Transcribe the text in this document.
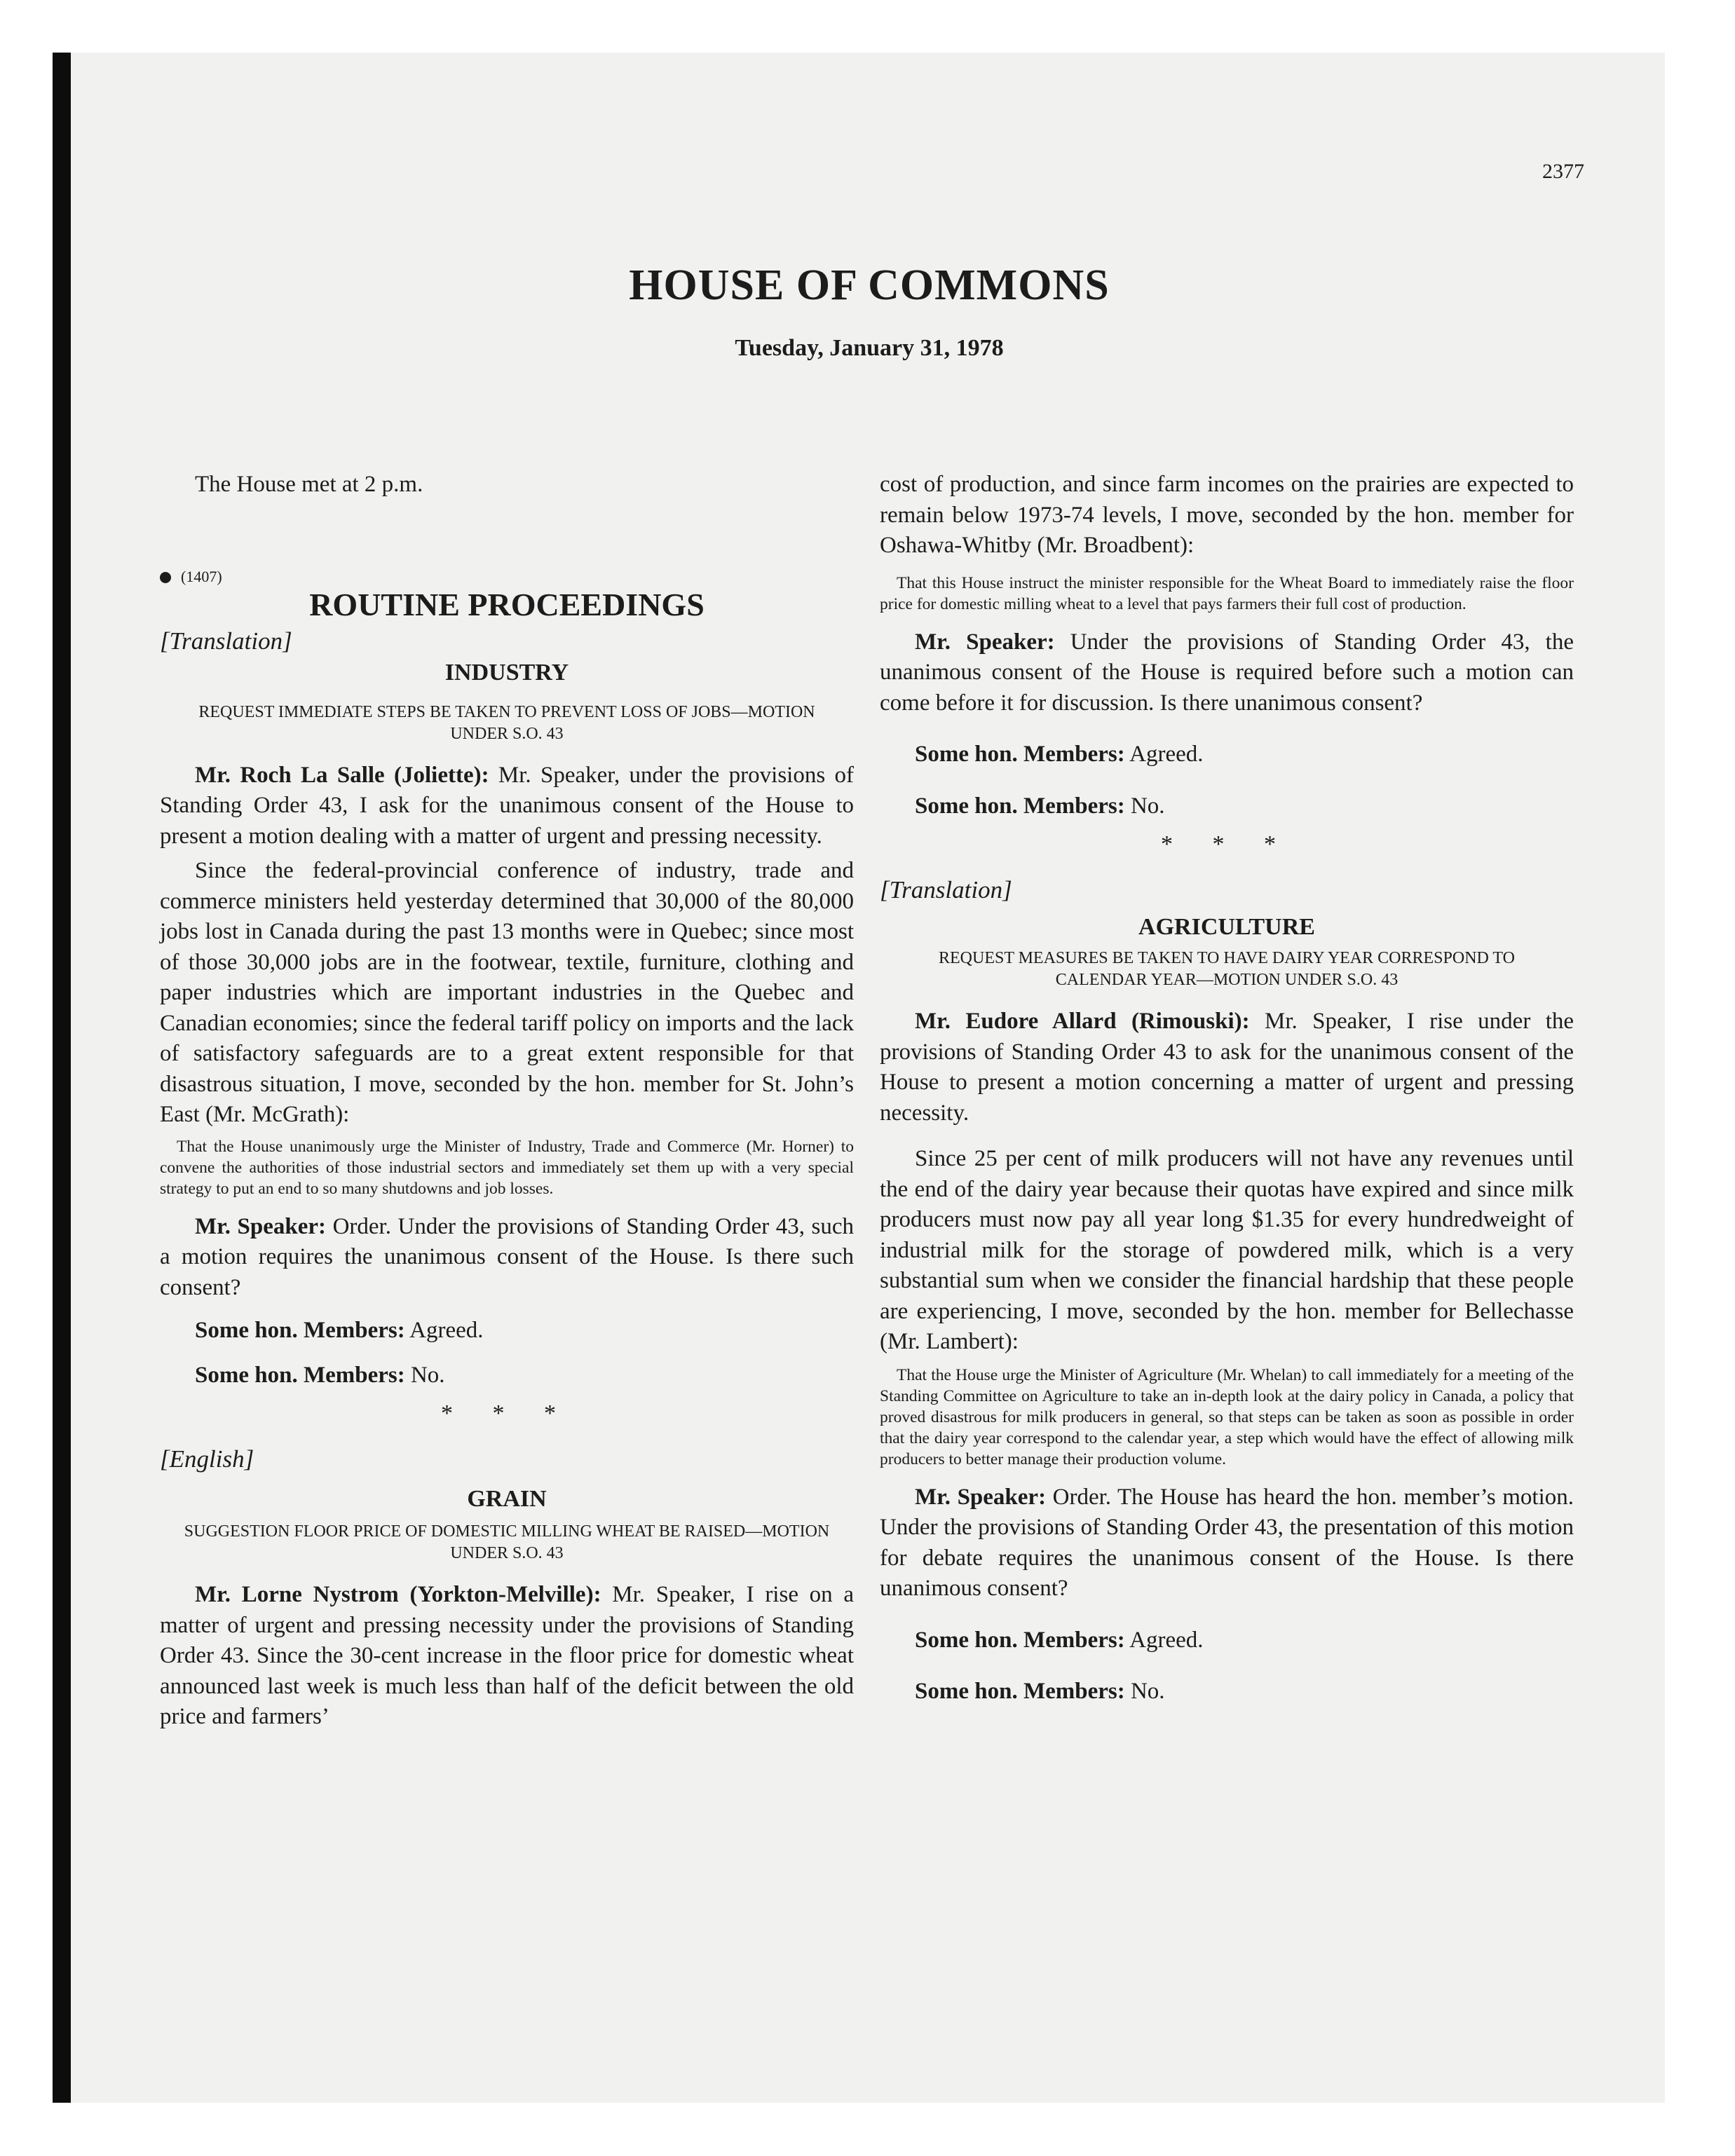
2377
HOUSE OF COMMONS
Tuesday, January 31, 1978

The House met at 2 p.m.

(1407)
ROUTINE PROCEEDINGS
[Translation]
INDUSTRY
REQUEST IMMEDIATE STEPS BE TAKEN TO PREVENT LOSS OF JOBS—MOTION UNDER S.O. 43

Mr. Roch La Salle (Joliette): Mr. Speaker, under the provisions of Standing Order 43, I ask for the unanimous consent of the House to present a motion dealing with a matter of urgent and pressing necessity.

Since the federal-provincial conference of industry, trade and commerce ministers held yesterday determined that 30,000 of the 80,000 jobs lost in Canada during the past 13 months were in Quebec; since most of those 30,000 jobs are in the footwear, textile, furniture, clothing and paper industries which are important industries in the Quebec and Canadian economies; since the federal tariff policy on imports and the lack of satisfactory safeguards are to a great extent responsible for that disastrous situation, I move, seconded by the hon. member for St. John’s East (Mr. McGrath):

That the House unanimously urge the Minister of Industry, Trade and Commerce (Mr. Horner) to convene the authorities of those industrial sectors and immediately set them up with a very special strategy to put an end to so many shutdowns and job losses.

Mr. Speaker: Order. Under the provisions of Standing Order 43, such a motion requires the unanimous consent of the House. Is there such consent?

Some hon. Members: Agreed.

Some hon. Members: No.

* * *
[English]
GRAIN
SUGGESTION FLOOR PRICE OF DOMESTIC MILLING WHEAT BE RAISED—MOTION UNDER S.O. 43

Mr. Lorne Nystrom (Yorkton-Melville): Mr. Speaker, I rise on a matter of urgent and pressing necessity under the provisions of Standing Order 43. Since the 30-cent increase in the floor price for domestic wheat announced last week is much less than half of the deficit between the old price and farmers’

cost of production, and since farm incomes on the prairies are expected to remain below 1973-74 levels, I move, seconded by the hon. member for Oshawa-Whitby (Mr. Broadbent):

That this House instruct the minister responsible for the Wheat Board to immediately raise the floor price for domestic milling wheat to a level that pays farmers their full cost of production.

Mr. Speaker: Under the provisions of Standing Order 43, the unanimous consent of the House is required before such a motion can come before it for discussion. Is there unanimous consent?

Some hon. Members: Agreed.

Some hon. Members: No.

* * *
[Translation]
AGRICULTURE
REQUEST MEASURES BE TAKEN TO HAVE DAIRY YEAR CORRESPOND TO CALENDAR YEAR—MOTION UNDER S.O. 43

Mr. Eudore Allard (Rimouski): Mr. Speaker, I rise under the provisions of Standing Order 43 to ask for the unanimous consent of the House to present a motion concerning a matter of urgent and pressing necessity.

Since 25 per cent of milk producers will not have any revenues until the end of the dairy year because their quotas have expired and since milk producers must now pay all year long $1.35 for every hundredweight of industrial milk for the storage of powdered milk, which is a very substantial sum when we consider the financial hardship that these people are experiencing, I move, seconded by the hon. member for Bellechasse (Mr. Lambert):

That the House urge the Minister of Agriculture (Mr. Whelan) to call immediately for a meeting of the Standing Committee on Agriculture to take an in-depth look at the dairy policy in Canada, a policy that proved disastrous for milk producers in general, so that steps can be taken as soon as possible in order that the dairy year correspond to the calendar year, a step which would have the effect of allowing milk producers to better manage their production volume.

Mr. Speaker: Order. The House has heard the hon. member’s motion. Under the provisions of Standing Order 43, the presentation of this motion for debate requires the unanimous consent of the House. Is there unanimous consent?

Some hon. Members: Agreed.

Some hon. Members: No.
